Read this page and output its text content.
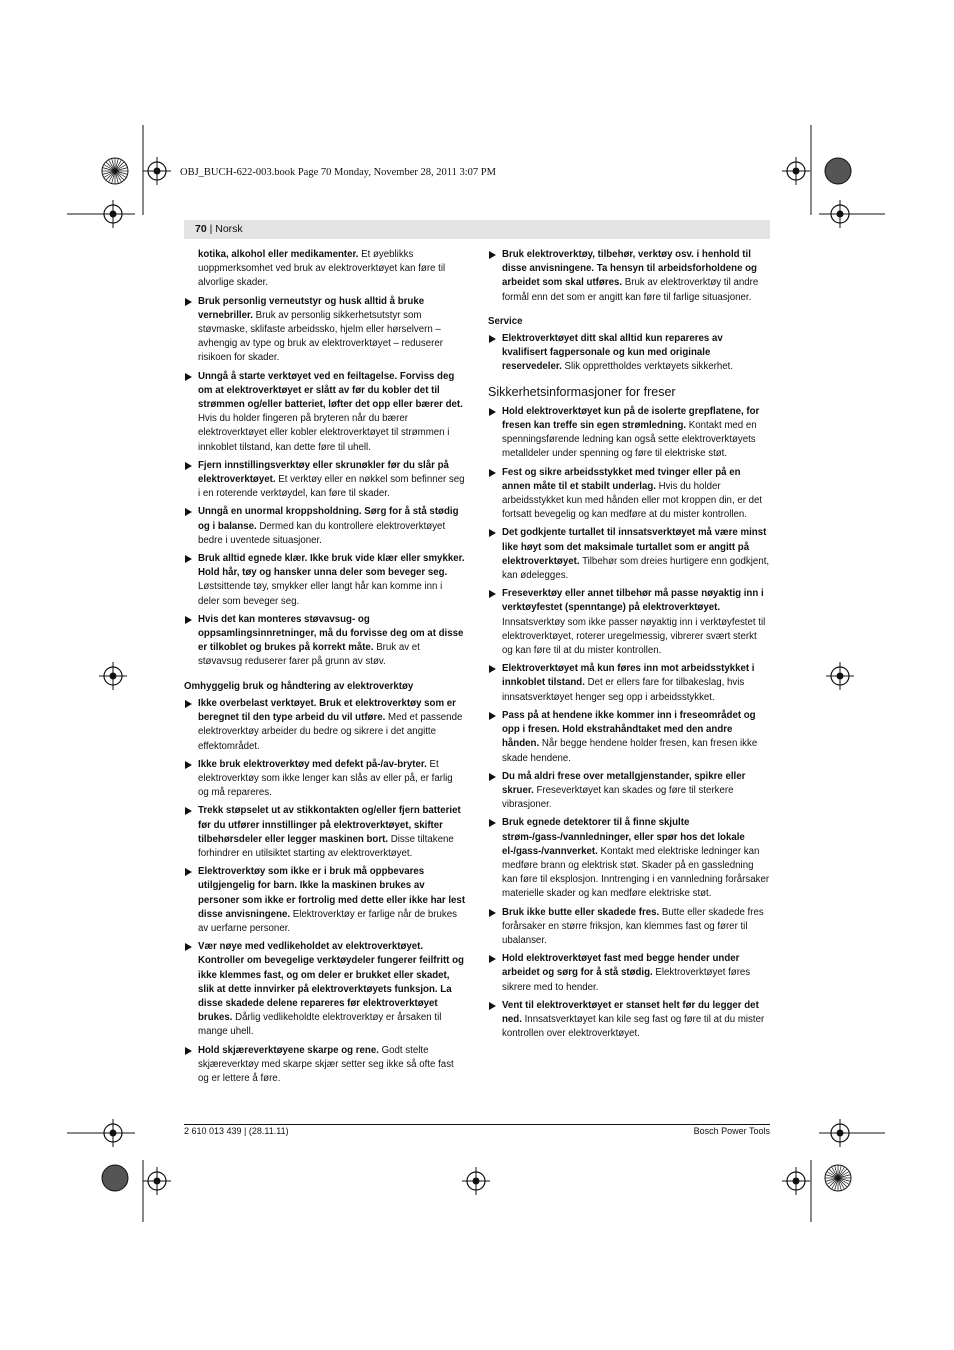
OBJ_BUCH-622-003.book Page 70 Monday, November 28, 2011 3:07 PM
70 | Norsk
kotika, alkohol eller medikamenter. Et øyeblikks uoppmerksomhet ved bruk av elektroverktøyet kan føre til alvorlige skader.
Bruk personlig verneutstyr og husk alltid å bruke vernebriller. Bruk av personlig sikkerhetsutstyr som støvmaske, sklifaste arbeidssko, hjelm eller hørselvern – avhengig av type og bruk av elektroverktøyet – reduserer risikoen for skader.
Unngå å starte verktøyet ved en feiltagelse. Forviss deg om at elektroverktøyet er slått av før du kobler det til strømmen og/eller batteriet, løfter det opp eller bærer det. Hvis du holder fingeren på bryteren når du bærer elektroverktøyet eller kobler elektroverktøyet til strømmen i innkoblet tilstand, kan dette føre til uhell.
Fjern innstillingsverktøy eller skrunøkler før du slår på elektroverktøyet. Et verktøy eller en nøkkel som befinner seg i en roterende verktøydel, kan føre til skader.
Unngå en unormal kroppsholdning. Sørg for å stå stødig og i balanse. Dermed kan du kontrollere elektroverktøyet bedre i uventede situasjoner.
Bruk alltid egnede klær. Ikke bruk vide klær eller smykker. Hold hår, tøy og hansker unna deler som beveger seg. Løstsittende tøy, smykker eller langt hår kan komme inn i deler som beveger seg.
Hvis det kan monteres støvavsug- og oppsamlingsinnretninger, må du forvisse deg om at disse er tilkoblet og brukes på korrekt måte. Bruk av et støvavsug reduserer farer på grunn av støv.
Omhyggelig bruk og håndtering av elektroverktøy
Ikke overbelast verktøyet. Bruk et elektroverktøy som er beregnet til den type arbeid du vil utføre. Med et passende elektroverktøy arbeider du bedre og sikrere i det angitte effektområdet.
Ikke bruk elektroverktøy med defekt på-/av-bryter. Et elektroverktøy som ikke lenger kan slås av eller på, er farlig og må repareres.
Trekk støpselet ut av stikkontakten og/eller fjern batteriet før du utfører innstillinger på elektroverktøyet, skifter tilbehørsdeler eller legger maskinen bort. Disse tiltakene forhindrer en utilsiktet starting av elektroverktøyet.
Elektroverktøy som ikke er i bruk må oppbevares utilgjengelig for barn. Ikke la maskinen brukes av personer som ikke er fortrolig med dette eller ikke har lest disse anvisningene. Elektroverktøy er farlige når de brukes av uerfarne personer.
Vær nøye med vedlikeholdet av elektroverktøyet. Kontroller om bevegelige verktøydeler fungerer feilfritt og ikke klemmes fast, og om deler er brukket eller skadet, slik at dette innvirker på elektroverktøyets funksjon. La disse skadede delene repareres før elektroverktøyet brukes. Dårlig vedlikeholdte elektroverktøy er årsaken til mange uhell.
Hold skjæreverktøyene skarpe og rene. Godt stelte skjæreverktøy med skarpe skjær setter seg ikke så ofte fast og er lettere å føre.
Bruk elektroverktøy, tilbehør, verktøy osv. i henhold til disse anvisningene. Ta hensyn til arbeidsforholdene og arbeidet som skal utføres. Bruk av elektroverktøy til andre formål enn det som er angitt kan føre til farlige situasjoner.
Service
Elektroverktøyet ditt skal alltid kun repareres av kvalifisert fagpersonale og kun med originale reservedeler. Slik opprettholdes verktøyets sikkerhet.
Sikkerhetsinformasjoner for freser
Hold elektroverktøyet kun på de isolerte grepflatene, for fresen kan treffe sin egen strømledning. Kontakt med en spenningsførende ledning kan også sette elektroverktøyets metalldeler under spenning og føre til elektriske støt.
Fest og sikre arbeidsstykket med tvinger eller på en annen måte til et stabilt underlag. Hvis du holder arbeidsstykket kun med hånden eller mot kroppen din, er det fortsatt bevegelig og kan medføre at du mister kontrollen.
Det godkjente turtallet til innsatsverktøyet må være minst like høyt som det maksimale turtallet som er angitt på elektroverktøyet. Tilbehør som dreies hurtigere enn godkjent, kan ødelegges.
Freseverktøy eller annet tilbehør må passe nøyaktig inn i verktøyfestet (spenntange) på elektroverktøyet. Innsatsverktøy som ikke passer nøyaktig inn i verktøyfestet til elektroverktøyet, roterer uregelmessig, vibrerer svært sterkt og kan føre til at du mister kontrollen.
Elektroverktøyet må kun føres inn mot arbeidsstykket i innkoblet tilstand. Det er ellers fare for tilbakeslag, hvis innsatsverktøyet henger seg opp i arbeidsstykket.
Pass på at hendene ikke kommer inn i freseområdet og opp i fresen. Hold ekstrahåndtaket med den andre hånden. Når begge hendene holder fresen, kan fresen ikke skade hendene.
Du må aldri frese over metallgjenstander, spikre eller skruer. Freseverktøyet kan skades og føre til sterkere vibrasjoner.
Bruk egnede detektorer til å finne skjulte strøm-/gass-/vannledninger, eller spør hos det lokale el-/gass-/vannverket. Kontakt med elektriske ledninger kan medføre brann og elektrisk støt. Skader på en gassledning kan føre til eksplosjon. Inntrenging i en vannledning forårsaker materielle skader og kan medføre elektriske støt.
Bruk ikke butte eller skadede fres. Butte eller skadede fres forårsaker en større friksjon, kan klemmes fast og fører til ubalanser.
Hold elektroverktøyet fast med begge hender under arbeidet og sørg for å stå stødig. Elektroverktøyet føres sikrere med to hender.
Vent til elektroverktøyet er stanset helt før du legger det ned. Innsatsverktøyet kan kile seg fast og føre til at du mister kontrollen over elektroverktøyet.
2 610 013 439 | (28.11.11)	Bosch Power Tools
